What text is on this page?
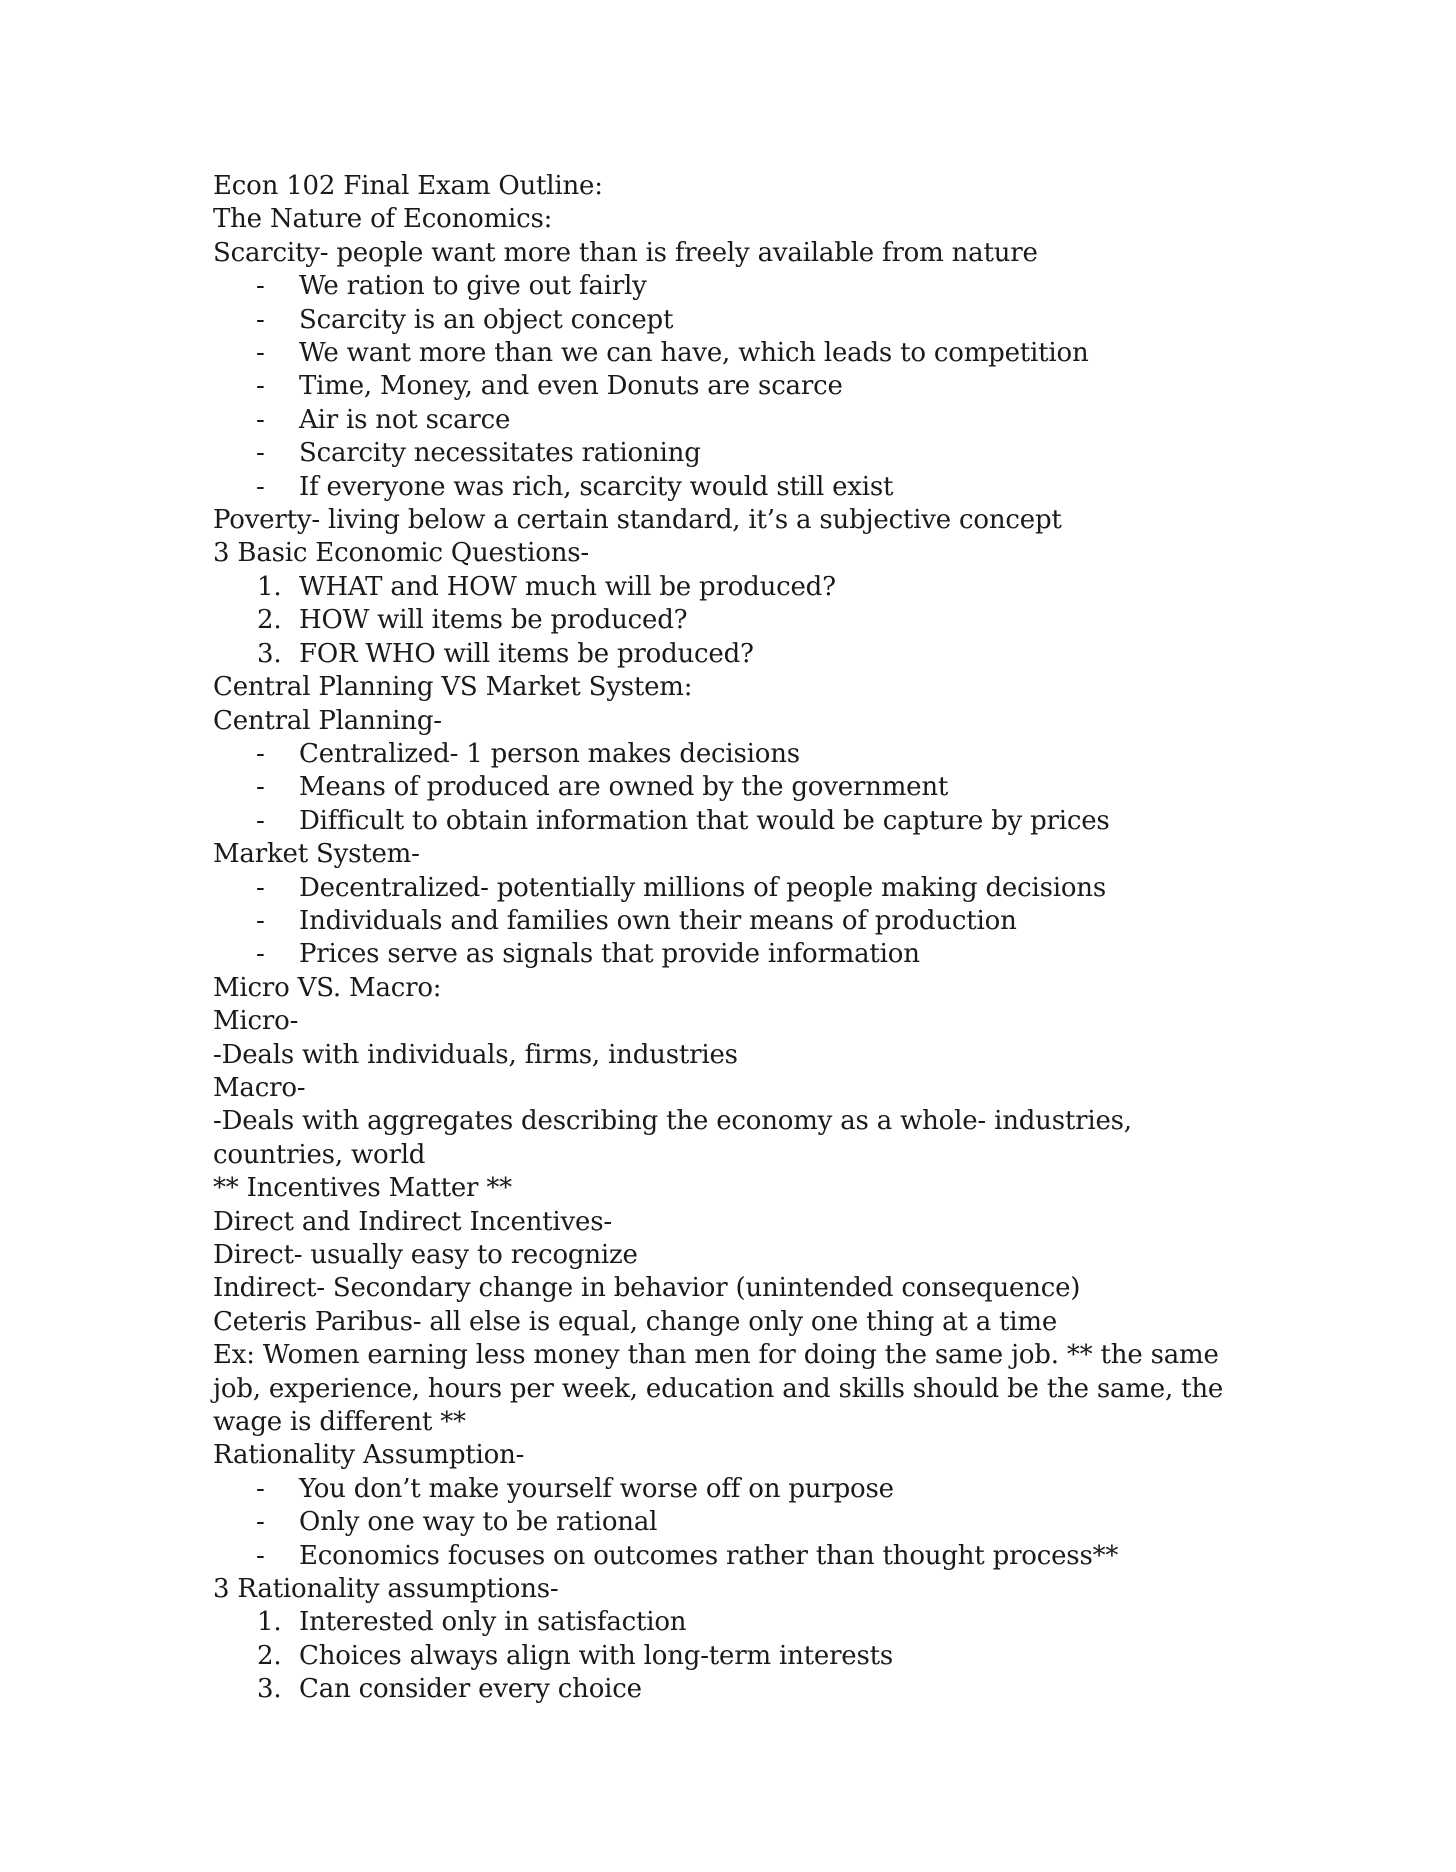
Econ 102 Final Exam Outline:

The Nature of Economics:

Scarcity- people want more than is freely available from nature

- We ration to give out fairly
- Scarcity is an object concept
- We want more than we can have, which leads to competition
- Time, Money, and even Donuts are scarce
- Air is not scarce
- Scarcity necessitates rationing
- If everyone was rich, scarcity would still exist

Poverty- living below a certain standard, it’s a subjective concept

3 Basic Economic Questions-

1. WHAT and HOW much will be produced?
2. HOW will items be produced?
3. FOR WHO will items be produced?

Central Planning VS Market System:

Central Planning-

- Centralized- 1 person makes decisions
- Means of produced are owned by the government
- Difficult to obtain information that would be capture by prices

Market System-

- Decentralized- potentially millions of people making decisions
- Individuals and families own their means of production
- Prices serve as signals that provide information

Micro VS. Macro:

Micro-

-Deals with individuals, firms, industries

Macro-

-Deals with aggregates describing the economy as a whole- industries, countries, world

** Incentives Matter **

Direct and Indirect Incentives-

Direct- usually easy to recognize

Indirect- Secondary change in behavior (unintended consequence)

Ceteris Paribus- all else is equal, change only one thing at a time

Ex: Women earning less money than men for doing the same job. ** the same job, experience, hours per week, education and skills should be the same, the wage is different **

Rationality Assumption-

- You don’t make yourself worse off on purpose
- Only one way to be rational
- Economics focuses on outcomes rather than thought process**

3 Rationality assumptions-

1. Interested only in satisfaction
2. Choices always align with long-term interests
3. Can consider every choice
